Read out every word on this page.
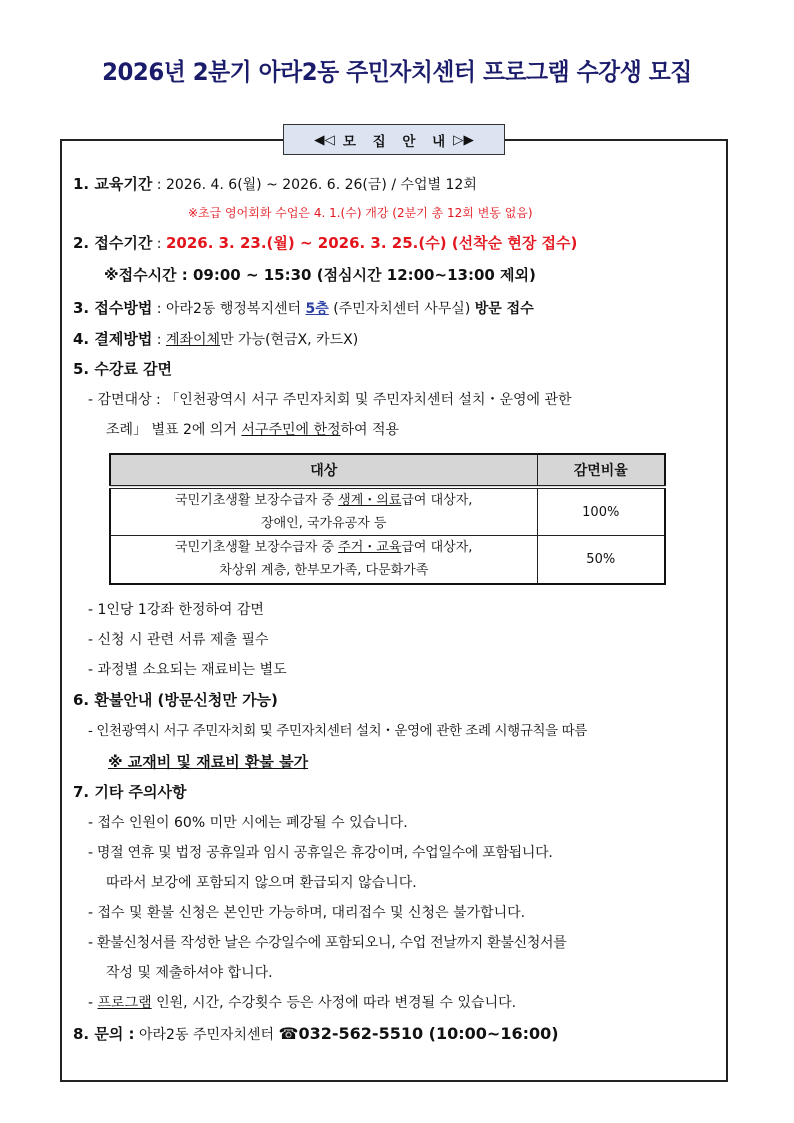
2026년 2분기 아라2동 주민자치센터 프로그램 수강생 모집
◀◁ 모 집 안 내 ▷▶
1. 교육기간 : 2026. 4. 6(월) ~ 2026. 6. 26(금) / 수업별 12회
※초급 영어회화 수업은 4. 1.(수) 개강 (2분기 총 12회 변동 없음)
2. 접수기간 : 2026. 3. 23.(월) ~ 2026. 3. 25.(수) (선착순 현장 접수)
※접수시간 : 09:00 ~ 15:30 (점심시간 12:00~13:00 제외)
3. 접수방법 : 아라2동 행정복지센터 5층 (주민자치센터 사무실) 방문 접수
4. 결제방법 : 계좌이체만 가능(현금X, 카드X)
5. 수강료 감면
- 감면대상 : 「인천광역시 서구 주민자치회 및 주민자치센터 설치・운영에 관한
조례」 별표 2에 의거 서구주민에 한정하여 적용
대상	감면비율

국민기초생활 보장수급자 중 생계・의료급여 대상자,
장애인, 국가유공자 등	100%

국민기초생활 보장수급자 중 주거・교육급여 대상자,
차상위 계층, 한부모가족, 다문화가족	50%
- 1인당 1강좌 한정하여 감면
- 신청 시 관련 서류 제출 필수
- 과정별 소요되는 재료비는 별도
6. 환불안내 (방문신청만 가능)
- 인천광역시 서구 주민자치회 및 주민자치센터 설치・운영에 관한 조례 시행규칙을 따름
※ 교재비 및 재료비 환불 불가
7. 기타 주의사항
- 접수 인원이 60% 미만 시에는 폐강될 수 있습니다.
- 명절 연휴 및 법정 공휴일과 임시 공휴일은 휴강이며, 수업일수에 포함됩니다.
따라서 보강에 포함되지 않으며 환급되지 않습니다.
- 접수 및 환불 신청은 본인만 가능하며, 대리접수 및 신청은 불가합니다.
- 환불신청서를 작성한 날은 수강일수에 포함되오니, 수업 전날까지 환불신청서를
작성 및 제출하셔야 합니다.
- 프로그램 인원, 시간, 수강횟수 등은 사정에 따라 변경될 수 있습니다.
8. 문의 : 아라2동 주민자치센터 ☎032-562-5510 (10:00~16:00)
